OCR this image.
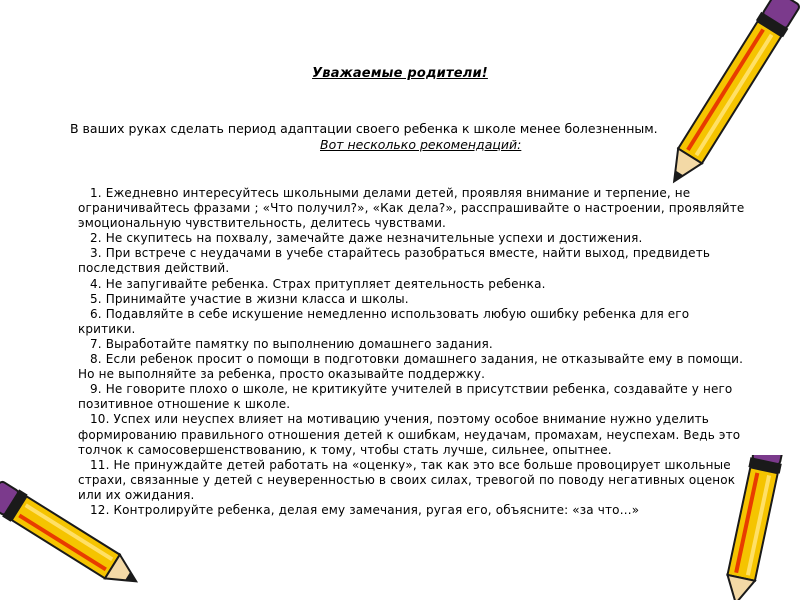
Уважаемые родители!
В ваших руках сделать период адаптации своего ребенка к школе менее болезненным.
Вот несколько рекомендаций:

1. Ежедневно интересуйтесь школьными делами детей, проявляя внимание и терпение, не ограничивайтесь фразами ; «Что получил?», «Как дела?», расспрашивайте о настроении, проявляйте эмоциональную чувствительность, делитесь чувствами.

2. Не скупитесь на похвалу, замечайте даже незначительные успехи и достижения.

3. При встрече с неудачами в учебе старайтесь разобраться вместе, найти выход, предвидеть последствия действий.

4. Не запугивайте ребенка. Страх притупляет деятельность ребенка.

5. Принимайте участие в жизни класса и школы.

6. Подавляйте в себе искушение немедленно использовать любую ошибку ребенка для его критики.

7. Выработайте памятку по выполнению домашнего задания.

8. Если ребенок просит о помощи в подготовки домашнего задания, не отказывайте ему в помощи. Но не выполняйте за ребенка, просто оказывайте поддержку.

9. Не говорите плохо о школе, не критикуйте учителей в присутствии ребенка, создавайте у него позитивное отношение к школе.

10. Успех или неуспех влияет на мотивацию учения, поэтому особое внимание нужно уделить формированию правильного отношения детей к ошибкам, неудачам, промахам, неуспехам. Ведь это толчок к самосовершенствованию, к тому, чтобы стать лучше, сильнее, опытнее.

11. Не принуждайте детей работать на «оценку», так как это все больше провоцирует школьные страхи, связанные у детей с неуверенностью в своих силах, тревогой по поводу негативных оценок или их ожидания.

12. Контролируйте ребенка, делая ему замечания, ругая его, объясните: «за что…»
